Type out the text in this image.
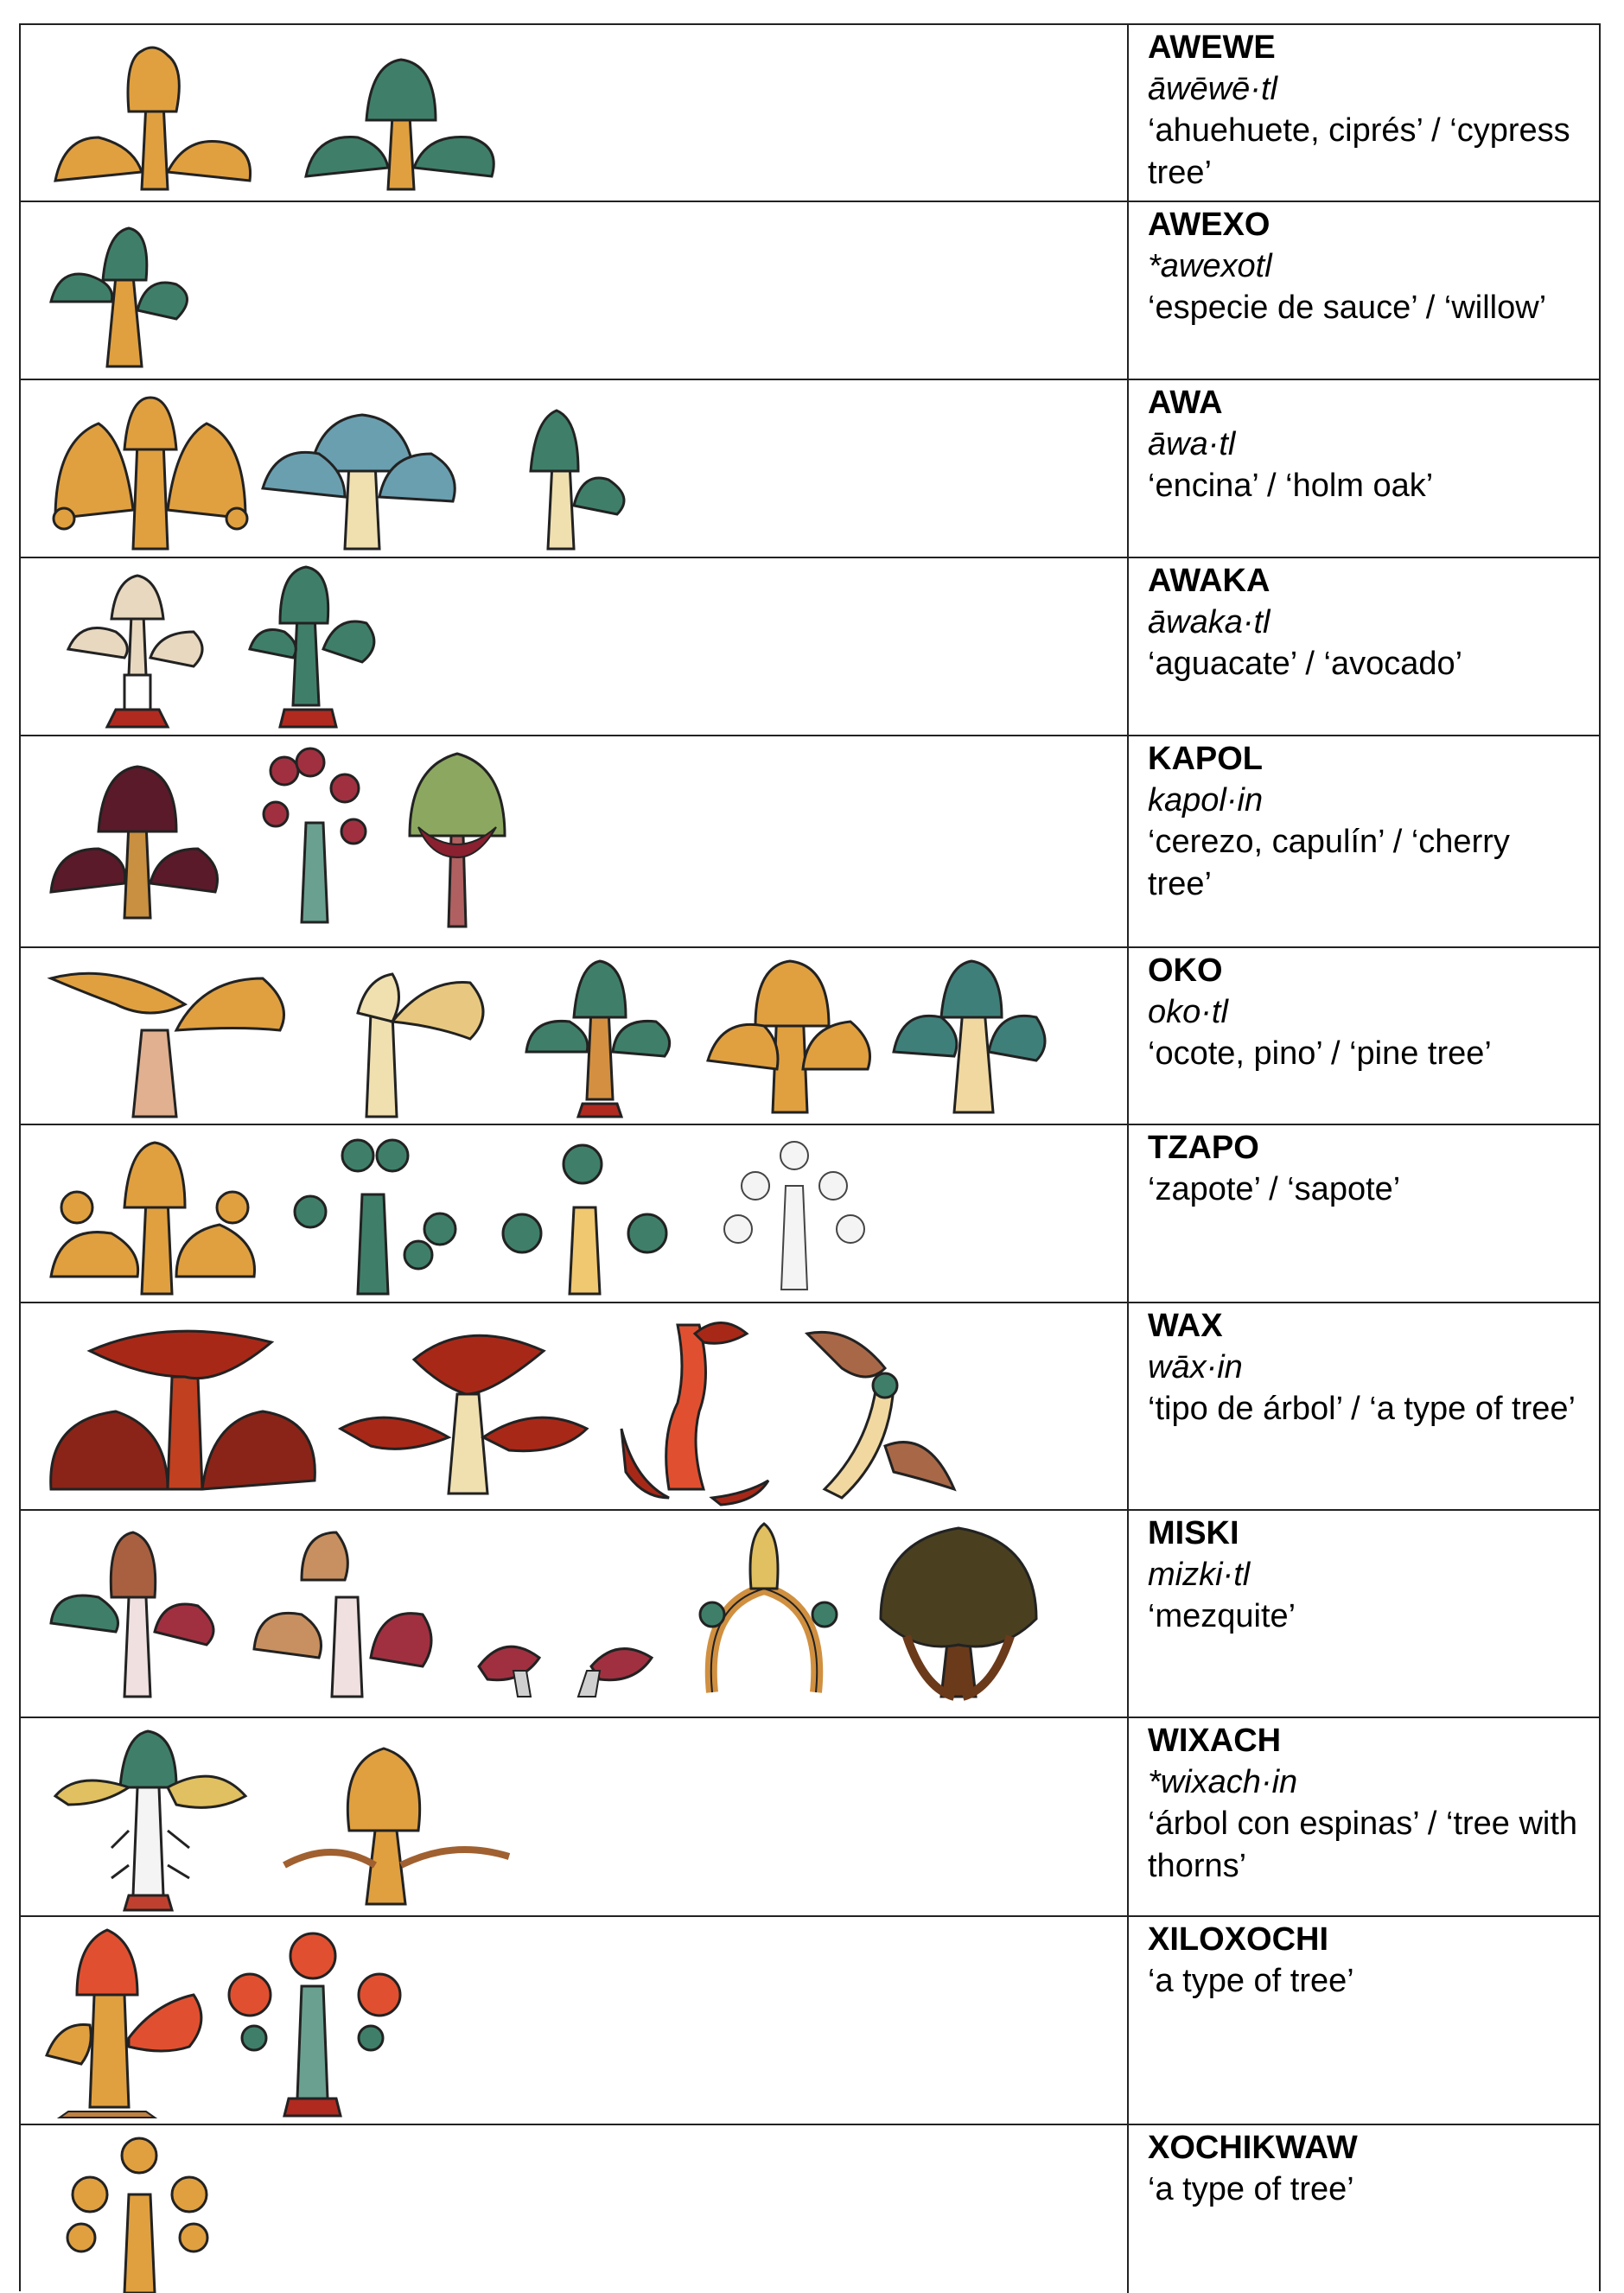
AWEWE
āwēwē·tl
‘ahuehuete, ciprés’ / ‘cypress tree’
AWEXO
*awexotl
‘especie de sauce’ / ‘willow’
AWA
āwa·tl
‘encina’ / ‘holm oak’
AWAKA
āwaka·tl
‘aguacate’ / ‘avocado’
KAPOL
kapol·in
‘cerezo, capulín’ / ‘cherry tree’
OKO
oko·tl
‘ocote, pino’ / ‘pine tree’
TZAPO
‘zapote’ / ‘sapote’
WAX
wāx·in
‘tipo de árbol’ / ‘a type of tree’
MISKI
mizki·tl
‘mezquite’
WIXACH
*wixach·in
‘árbol con espinas’ / ‘tree with thorns’
XILOXOCHI
‘a type of tree’
XOCHIKWAW
‘a type of tree’
